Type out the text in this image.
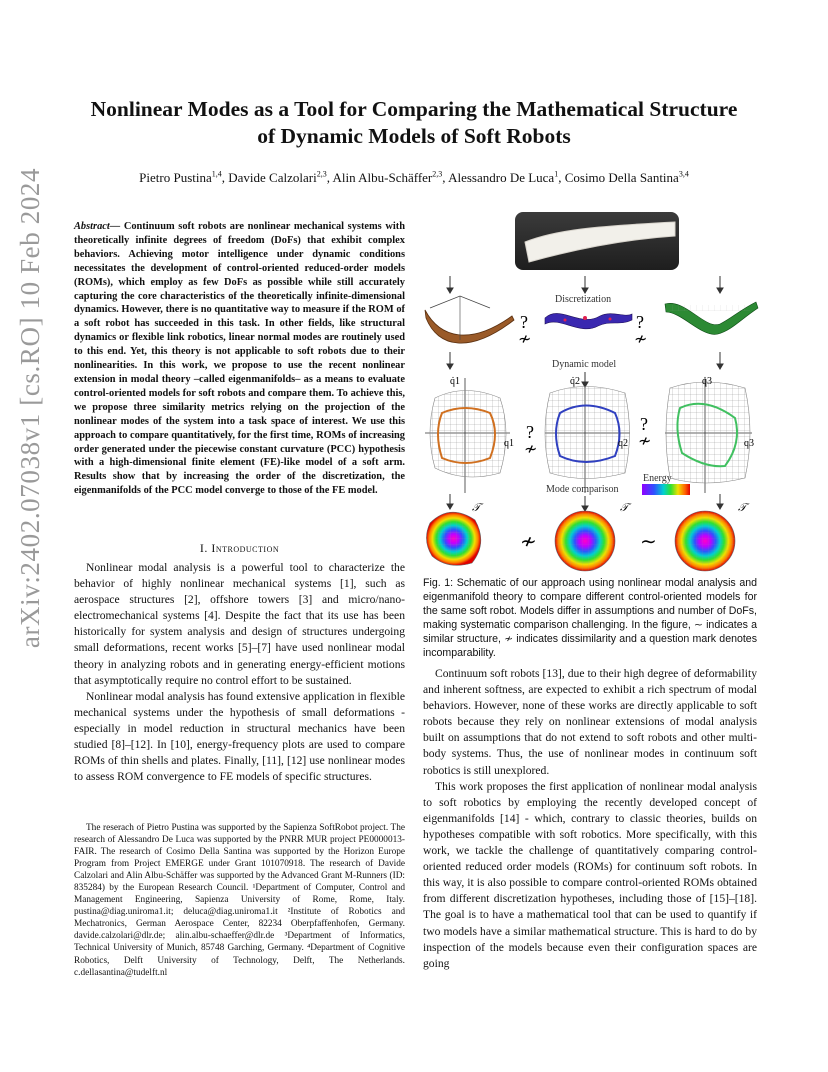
arXiv:2402.07038v1 [cs.RO] 10 Feb 2024
Nonlinear Modes as a Tool for Comparing the Mathematical Structure
of Dynamic Models of Soft Robots
Pietro Pustina$^{1,4}$, Davide Calzolari$^{2,3}$, Alin Albu-Schäffer$^{2,3}$, Alessandro De Luca$^1$, Cosimo Della Santina$^{3,4}$
Abstract— Continuum soft robots are nonlinear mechanical systems with theoretically infinite degrees of freedom (DoFs) that exhibit complex behaviors. Achieving motor intelligence under dynamic conditions necessitates the development of control-oriented reduced-order models (ROMs), which employ as few DoFs as possible while still accurately capturing the core characteristics of the theoretically infinite-dimensional dynamics. However, there is no quantitative way to measure if the ROM of a soft robot has succeeded in this task. In other fields, like structural dynamics or flexible link robotics, linear normal modes are routinely used to this end. Yet, this theory is not applicable to soft robots due to their nonlinearities. In this work, we propose to use the recent nonlinear extension in modal theory –called eigenmanifolds– as a means to evaluate control-oriented models for soft robots and compare them. To achieve this, we propose three similarity metrics relying on the projection of the nonlinear modes of the system into a task space of interest. We use this approach to compare quantitatively, for the first time, ROMs of increasing order generated under the piecewise constant curvature (PCC) hypothesis with a high-dimensional finite element (FE)-like model of a soft arm. Results show that by increasing the order of the discretization, the eigenmanifolds of the PCC model converge to those of the FE model.
I. Introduction

Nonlinear modal analysis is a powerful tool to characterize the behavior of highly nonlinear mechanical systems [1], such as aerospace structures [2], offshore towers [3] and micro/nano-electromechanical systems [4]. Despite the fact that its use has been historically for system analysis and design of structures undergoing small deformations, recent works [5]–[7] have used nonlinear modal theory in analyzing robots and in generating energy-efficient motions that asymptotically require no control effort to be sustained.

Nonlinear modal analysis has found extensive application in flexible mechanical systems under the hypothesis of small deformations - especially in model reduction in structural mechanics have been studied [8]–[12]. In [10], energy-frequency plots are used to compare ROMs of thin shells and plates. Finally, [11], [12] use nonlinear modes to assess ROM convergence to FE models of specific structures.

The reserach of Pietro Pustina was supported by the Sapienza SoftRobot project. The research of Alessandro De Luca was supported by the PNRR MUR project PE0000013-FAIR. The research of Cosimo Della Santina was supported by the Horizon Europe Program from Project EMERGE under Grant 101070918. The research of Davide Calzolari and Alin Albu-Schäffer was supported by the Advanced Grant M-Runners (ID: 835284) by the European Research Council. ¹Department of Computer, Control and Management Engineering, Sapienza University of Rome, Rome, Italy. pustina@diag.uniroma1.it; deluca@diag.uniroma1.it ²Institute of Robotics and Mechatronics, German Aerospace Center, 82234 Oberpfaffenhofen, Germany. davide.calzolari@dlr.de; alin.albu-schaeffer@dlr.de ³Department of Informatics, Technical University of Munich, 85748 Garching, Germany. ⁴Department of Cognitive Robotics, Delft University of Technology, Delft, The Netherlands. c.dellasantina@tudelft.nl
Discretization
?
≁
?
≁
Dynamic model
q̇1
q1
?
≁
q̇2
q2
?
≁
q̇3
q3
Energy
Mode comparison
𝒯
≁
𝒯
∼
𝒯
Fig. 1: Schematic of our approach using nonlinear modal analysis and eigenmanifold theory to compare different control-oriented models for the same soft robot. Models differ in assumptions and number of DoFs, making systematic comparison challenging. In the figure, ∼ indicates a similar structure, ≁ indicates dissimilarity and a question mark denotes incomparability.

Continuum soft robots [13], due to their high degree of deformability and inherent softness, are expected to exhibit a rich spectrum of modal behaviors. However, none of these works are directly applicable to soft robots because they rely on nonlinear extensions of modal analysis built on assumptions that do not extend to soft robots and other multi-body systems. Thus, the use of nonlinear modes in continuum soft robotics is still unexplored.

This work proposes the first application of nonlinear modal analysis to soft robotics by employing the recently developed concept of eigenmanifolds [14] - which, contrary to classic theories, builds on hypotheses compatible with soft robotics. More specifically, with this work, we tackle the challenge of quantitatively comparing control-oriented reduced order models (ROMs) for continuum soft robots. In this way, it is also possible to compare control-oriented ROMs obtained from different discretization hypotheses, including those of [15]–[18]. The goal is to have a mathematical tool that can be used to quantify if two models have a similar mathematical structure. This is hard to do by inspection of the models because even their configuration spaces are going
